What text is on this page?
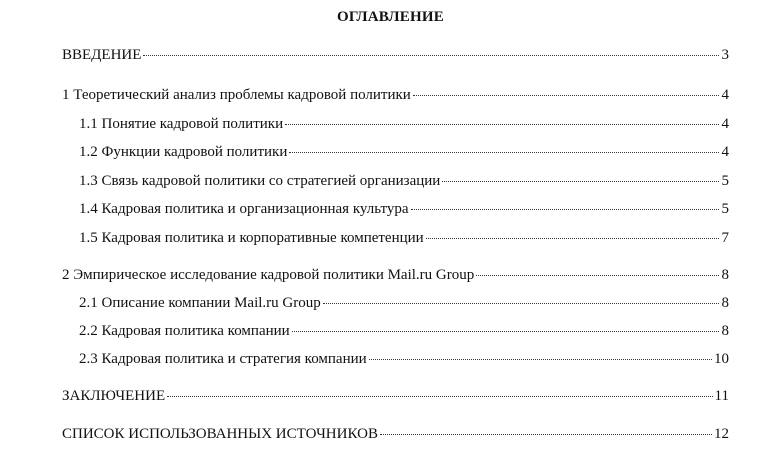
ОГЛАВЛЕНИЕ
ВВЕДЕНИЕ	3
1 Теоретический анализ проблемы кадровой политики	4
1.1 Понятие кадровой политики	4
1.2 Функции кадровой политики	4
1.3 Связь кадровой политики со стратегией организации	5
1.4 Кадровая политика и организационная культура	5
1.5 Кадровая политика и корпоративные компетенции	7
2 Эмпирическое исследование кадровой политики Mail.ru Group	8
2.1 Описание компании Mail.ru Group	8
2.2 Кадровая политика компании	8
2.3 Кадровая политика и стратегия компании	10
ЗАКЛЮЧЕНИЕ	11
СПИСОК ИСПОЛЬЗОВАННЫХ ИСТОЧНИКОВ	12
